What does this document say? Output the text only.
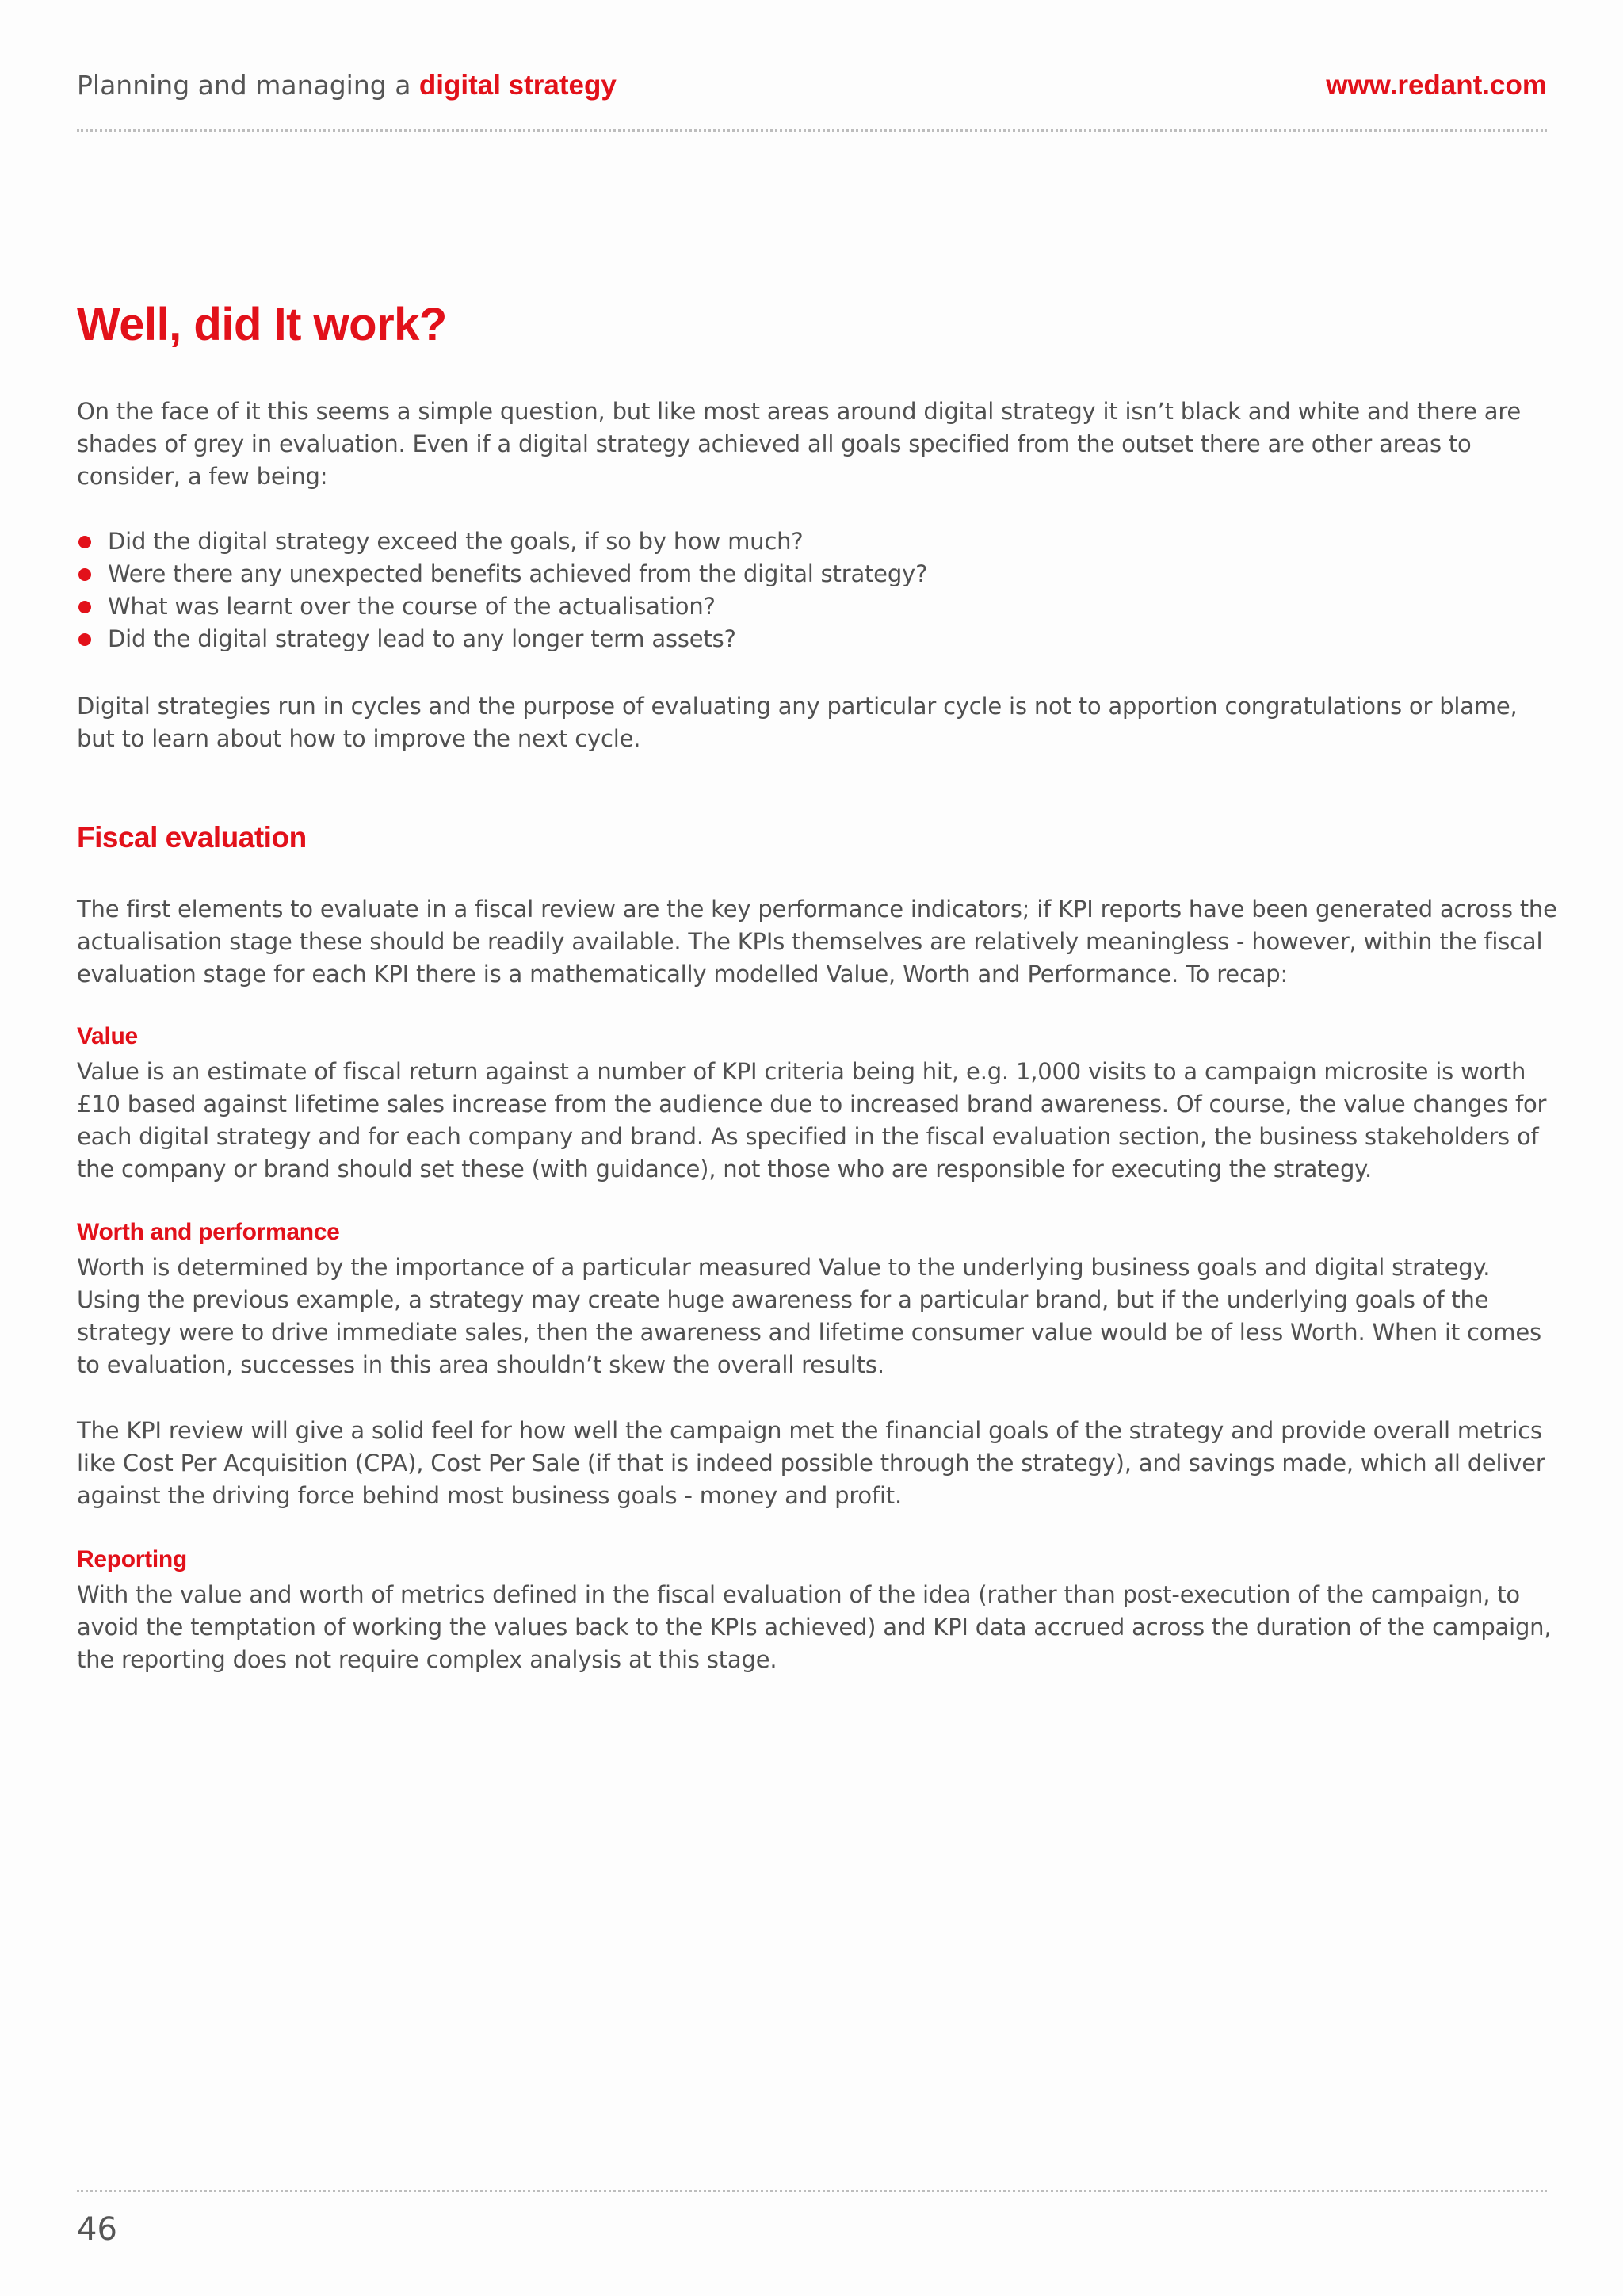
Planning and managing a digital strategy	www.redant.com
Well, did It work?

On the face of it this seems a simple question, but like most areas around digital strategy it isn’t black and white and there are shades of grey in evaluation. Even if a digital strategy achieved all goals specified from the outset there are other areas to consider, a few being:

Did the digital strategy exceed the goals, if so by how much?
Were there any unexpected benefits achieved from the digital strategy?
What was learnt over the course of the actualisation?
Did the digital strategy lead to any longer term assets?

Digital strategies run in cycles and the purpose of evaluating any particular cycle is not to apportion congratulations or blame, but to learn about how to improve the next cycle.

Fiscal evaluation

The first elements to evaluate in a fiscal review are the key performance indicators; if KPI reports have been generated across the actualisation stage these should be readily available. The KPIs themselves are relatively meaningless - however, within the fiscal evaluation stage for each KPI there is a mathematically modelled Value, Worth and Performance. To recap:

Value

Value is an estimate of fiscal return against a number of KPI criteria being hit, e.g. 1,000 visits to a campaign microsite is worth £10 based against lifetime sales increase from the audience due to increased brand awareness. Of course, the value changes for each digital strategy and for each company and brand. As specified in the fiscal evaluation section, the business stakeholders of the company or brand should set these (with guidance), not those who are responsible for executing the strategy.

Worth and performance

Worth is determined by the importance of a particular measured Value to the underlying business goals and digital strategy. Using the previous example, a strategy may create huge awareness for a particular brand, but if the underlying goals of the strategy were to drive immediate sales, then the awareness and lifetime consumer value would be of less Worth. When it comes to evaluation, successes in this area shouldn’t skew the overall results.

The KPI review will give a solid feel for how well the campaign met the financial goals of the strategy and provide overall metrics like Cost Per Acquisition (CPA), Cost Per Sale (if that is indeed possible through the strategy), and savings made, which all deliver against the driving force behind most business goals - money and profit.

Reporting

With the value and worth of metrics defined in the fiscal evaluation of the idea (rather than post-execution of the campaign, to avoid the temptation of working the values back to the KPIs achieved) and KPI data accrued across the duration of the campaign, the reporting does not require complex analysis at this stage.

46
